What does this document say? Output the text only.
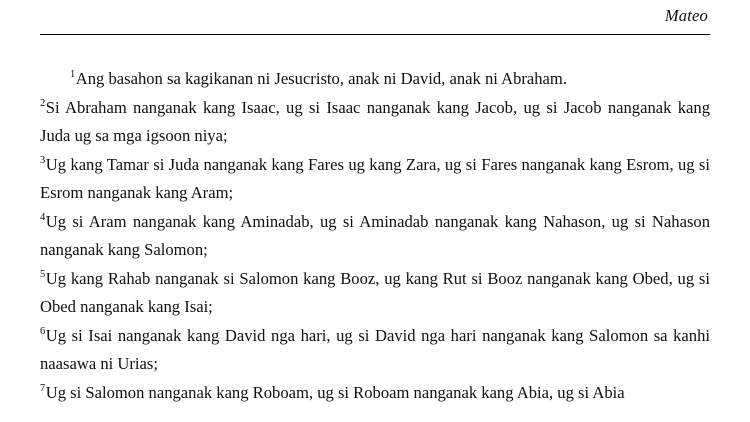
Mateo

$^1$Ang basahon sa kagikanan ni Jesucristo, anak ni David, anak ni Abraham.

$^2$Si Abraham nanganak kang Isaac, ug si Isaac nanganak kang Jacob, ug si Jacob nanganak kang Juda ug sa mga igsoon niya;

$^3$Ug kang Tamar si Juda nanganak kang Fares ug kang Zara, ug si Fares nanganak kang Esrom, ug si Esrom nanganak kang Aram;

$^4$Ug si Aram nanganak kang Aminadab, ug si Aminadab nanganak kang Nahason, ug si Nahason nanganak kang Salomon;

$^5$Ug kang Rahab nanganak si Salomon kang Booz, ug kang Rut si Booz nanganak kang Obed, ug si Obed nanganak kang Isai;

$^6$Ug si Isai nanganak kang David nga hari, ug si David nga hari nanganak kang Salomon sa kanhi naasawa ni Urias;

$^7$Ug si Salomon nanganak kang Roboam, ug si Roboam nanganak kang Abia, ug si Abia
